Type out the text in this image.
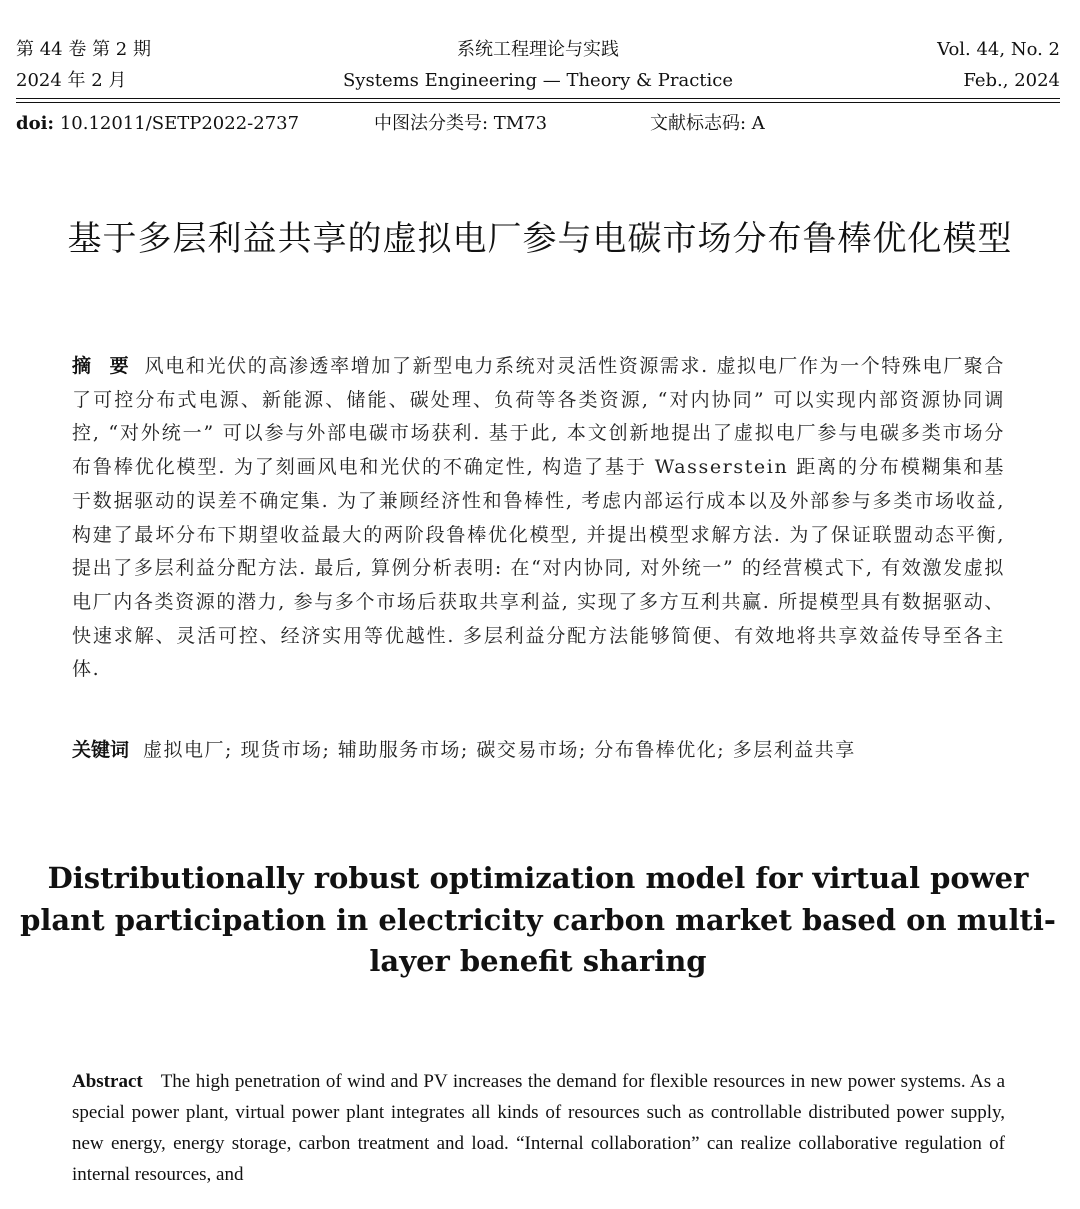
第 44 卷 第 2 期
2024 年 2 月
系统工程理论与实践
Systems Engineering — Theory & Practice
Vol. 44, No. 2
Feb., 2024
doi: 10.12011/SETP2022-2737	中图法分类号: TM73	文献标志码: A
基于多层利益共享的虚拟电厂参与电碳市场分布鲁棒优化模型
摘 要 风电和光伏的高渗透率增加了新型电力系统对灵活性资源需求. 虚拟电厂作为一个特殊电厂聚合了可控分布式电源、新能源、储能、碳处理、负荷等各类资源, “对内协同” 可以实现内部资源协同调控, “对外统一” 可以参与外部电碳市场获利. 基于此, 本文创新地提出了虚拟电厂参与电碳多类市场分布鲁棒优化模型. 为了刻画风电和光伏的不确定性, 构造了基于 Wasserstein 距离的分布模糊集和基于数据驱动的误差不确定集. 为了兼顾经济性和鲁棒性, 考虑内部运行成本以及外部参与多类市场收益, 构建了最坏分布下期望收益最大的两阶段鲁棒优化模型, 并提出模型求解方法. 为了保证联盟动态平衡, 提出了多层利益分配方法. 最后, 算例分析表明: 在“对内协同, 对外统一” 的经营模式下, 有效激发虚拟电厂内各类资源的潜力, 参与多个市场后获取共享利益, 实现了多方互利共赢. 所提模型具有数据驱动、快速求解、灵活可控、经济实用等优越性. 多层利益分配方法能够简便、有效地将共享效益传导至各主体.
关键词 虚拟电厂; 现货市场; 辅助服务市场; 碳交易市场; 分布鲁棒优化; 多层利益共享
Distributionally robust optimization model for virtual power plant participation in electricity carbon market based on multi-layer benefit sharing
Abstract The high penetration of wind and PV increases the demand for flexible resources in new power systems. As a special power plant, virtual power plant integrates all kinds of resources such as controllable distributed power supply, new energy, energy storage, carbon treatment and load. “Internal collaboration” can realize collaborative regulation of internal resources, and
